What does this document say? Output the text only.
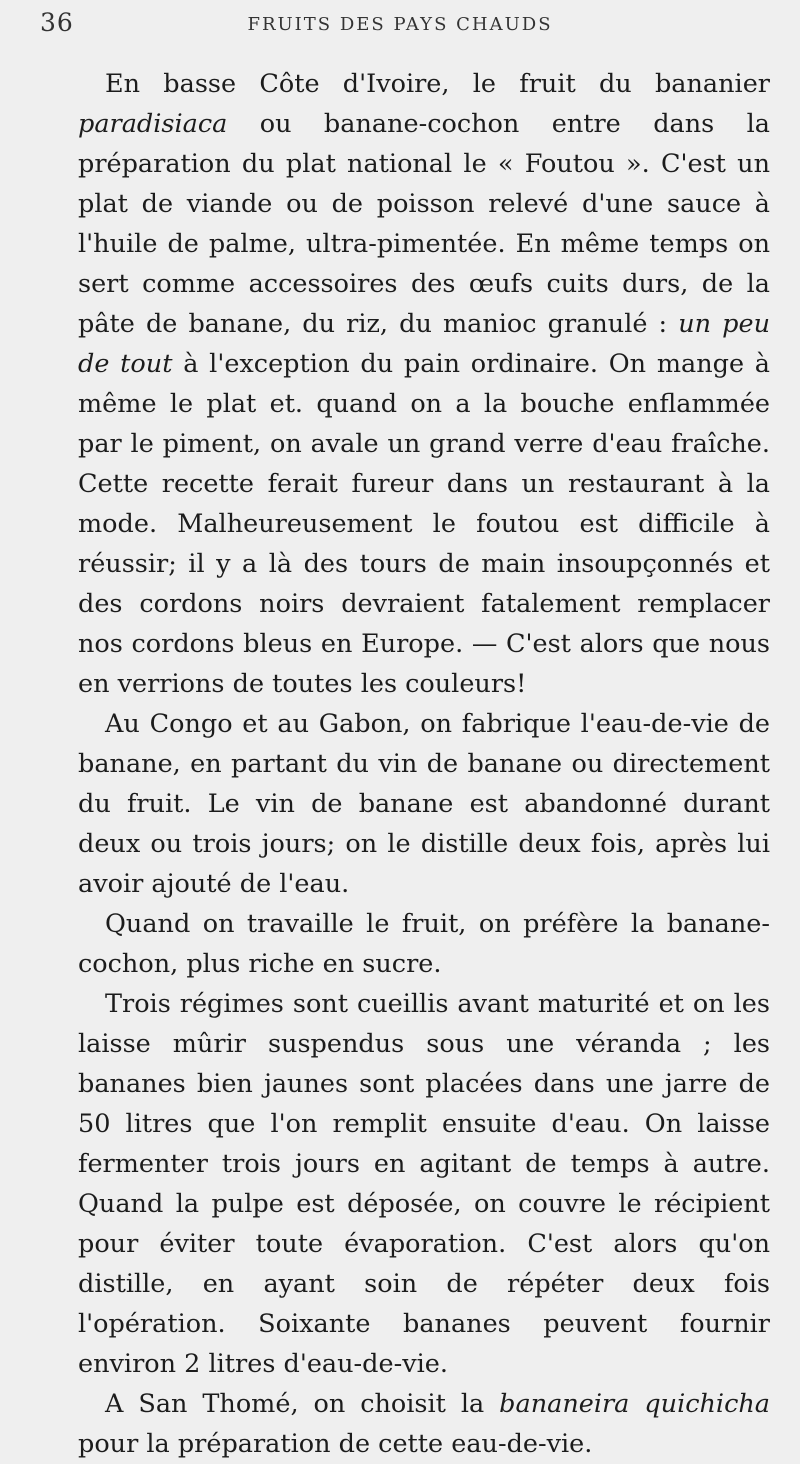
36	FRUITS DES PAYS CHAUDS

En basse Côte d'Ivoire, le fruit du bananier paradisiaca ou banane-cochon entre dans la préparation du plat national le « Foutou ». C'est un plat de viande ou de poisson relevé d'une sauce à l'huile de palme, ultra-pimentée. En même temps on sert comme accessoires des œufs cuits durs, de la pâte de banane, du riz, du manioc granulé : un peu de tout à l'exception du pain ordinaire. On mange à même le plat et. quand on a la bouche enflammée par le piment, on avale un grand verre d'eau fraîche. Cette recette ferait fureur dans un restaurant à la mode. Malheureusement le foutou est difficile à réussir; il y a là des tours de main insoupçonnés et des cordons noirs devraient fatalement remplacer nos cordons bleus en Europe. — C'est alors que nous en verrions de toutes les couleurs!

Au Congo et au Gabon, on fabrique l'eau-de-vie de banane, en partant du vin de banane ou directement du fruit. Le vin de banane est abandonné durant deux ou trois jours; on le distille deux fois, après lui avoir ajouté de l'eau.

Quand on travaille le fruit, on préfère la banane-cochon, plus riche en sucre.

Trois régimes sont cueillis avant maturité et on les laisse mûrir suspendus sous une véranda ; les bananes bien jaunes sont placées dans une jarre de 50 litres que l'on remplit ensuite d'eau. On laisse fermenter trois jours en agitant de temps à autre. Quand la pulpe est déposée, on couvre le récipient pour éviter toute évaporation. C'est alors qu'on distille, en ayant soin de répéter deux fois l'opération. Soixante bananes peuvent fournir environ 2 litres d'eau-de-vie.

A San Thomé, on choisit la bananeira quichicha pour la préparation de cette eau-de-vie.
